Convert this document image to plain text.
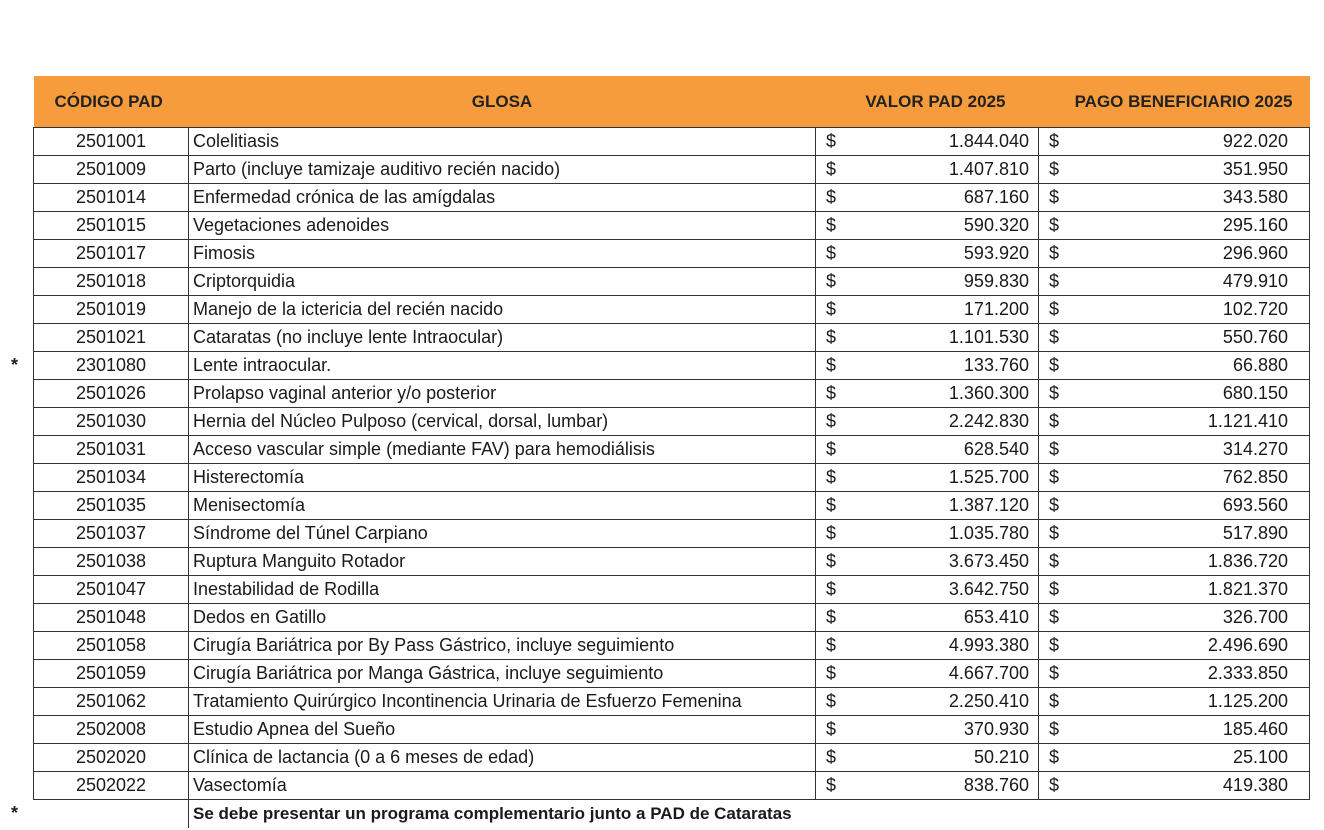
*
*
CÓDIGO PAD	GLOSA	VALOR PAD 2025	PAGO BENEFICIARIO 2025
2501001	Colelitiasis	$ 1.844.040	$ 922.020

2501009	Parto (incluye tamizaje auditivo recién nacido)	$ 1.407.810	$ 351.950

2501014	Enfermedad crónica de las amígdalas	$ 687.160	$ 343.580

2501015	Vegetaciones adenoides	$ 590.320	$ 295.160

2501017	Fimosis	$ 593.920	$ 296.960

2501018	Criptorquidia	$ 959.830	$ 479.910

2501019	Manejo de la ictericia del recién nacido	$ 171.200	$ 102.720

2501021	Cataratas (no incluye lente Intraocular)	$ 1.101.530	$ 550.760

2301080	Lente intraocular.	$ 133.760	$ 66.880

2501026	Prolapso vaginal anterior y/o posterior	$ 1.360.300	$ 680.150

2501030	Hernia del Núcleo Pulposo (cervical, dorsal, lumbar)	$ 2.242.830	$ 1.121.410

2501031	Acceso vascular simple (mediante FAV) para hemodiálisis	$ 628.540	$ 314.270

2501034	Histerectomía	$ 1.525.700	$ 762.850

2501035	Menisectomía	$ 1.387.120	$ 693.560

2501037	Síndrome del Túnel Carpiano	$ 1.035.780	$ 517.890

2501038	Ruptura Manguito Rotador	$ 3.673.450	$ 1.836.720

2501047	Inestabilidad de Rodilla	$ 3.642.750	$ 1.821.370

2501048	Dedos en Gatillo	$ 653.410	$ 326.700

2501058	Cirugía Bariátrica por By Pass Gástrico, incluye seguimiento	$ 4.993.380	$ 2.496.690

2501059	Cirugía Bariátrica por Manga Gástrica, incluye seguimiento	$ 4.667.700	$ 2.333.850

2501062	Tratamiento Quirúrgico Incontinencia Urinaria de Esfuerzo Femenina	$ 2.250.410	$ 1.125.200

2502008	Estudio Apnea del Sueño	$ 370.930	$ 185.460

2502020	Clínica de lactancia (0 a 6 meses de edad)	$ 50.210	$ 25.100

2502022	Vasectomía	$ 838.760	$ 419.380

	Se debe presentar un programa complementario junto a PAD de Cataratas		
